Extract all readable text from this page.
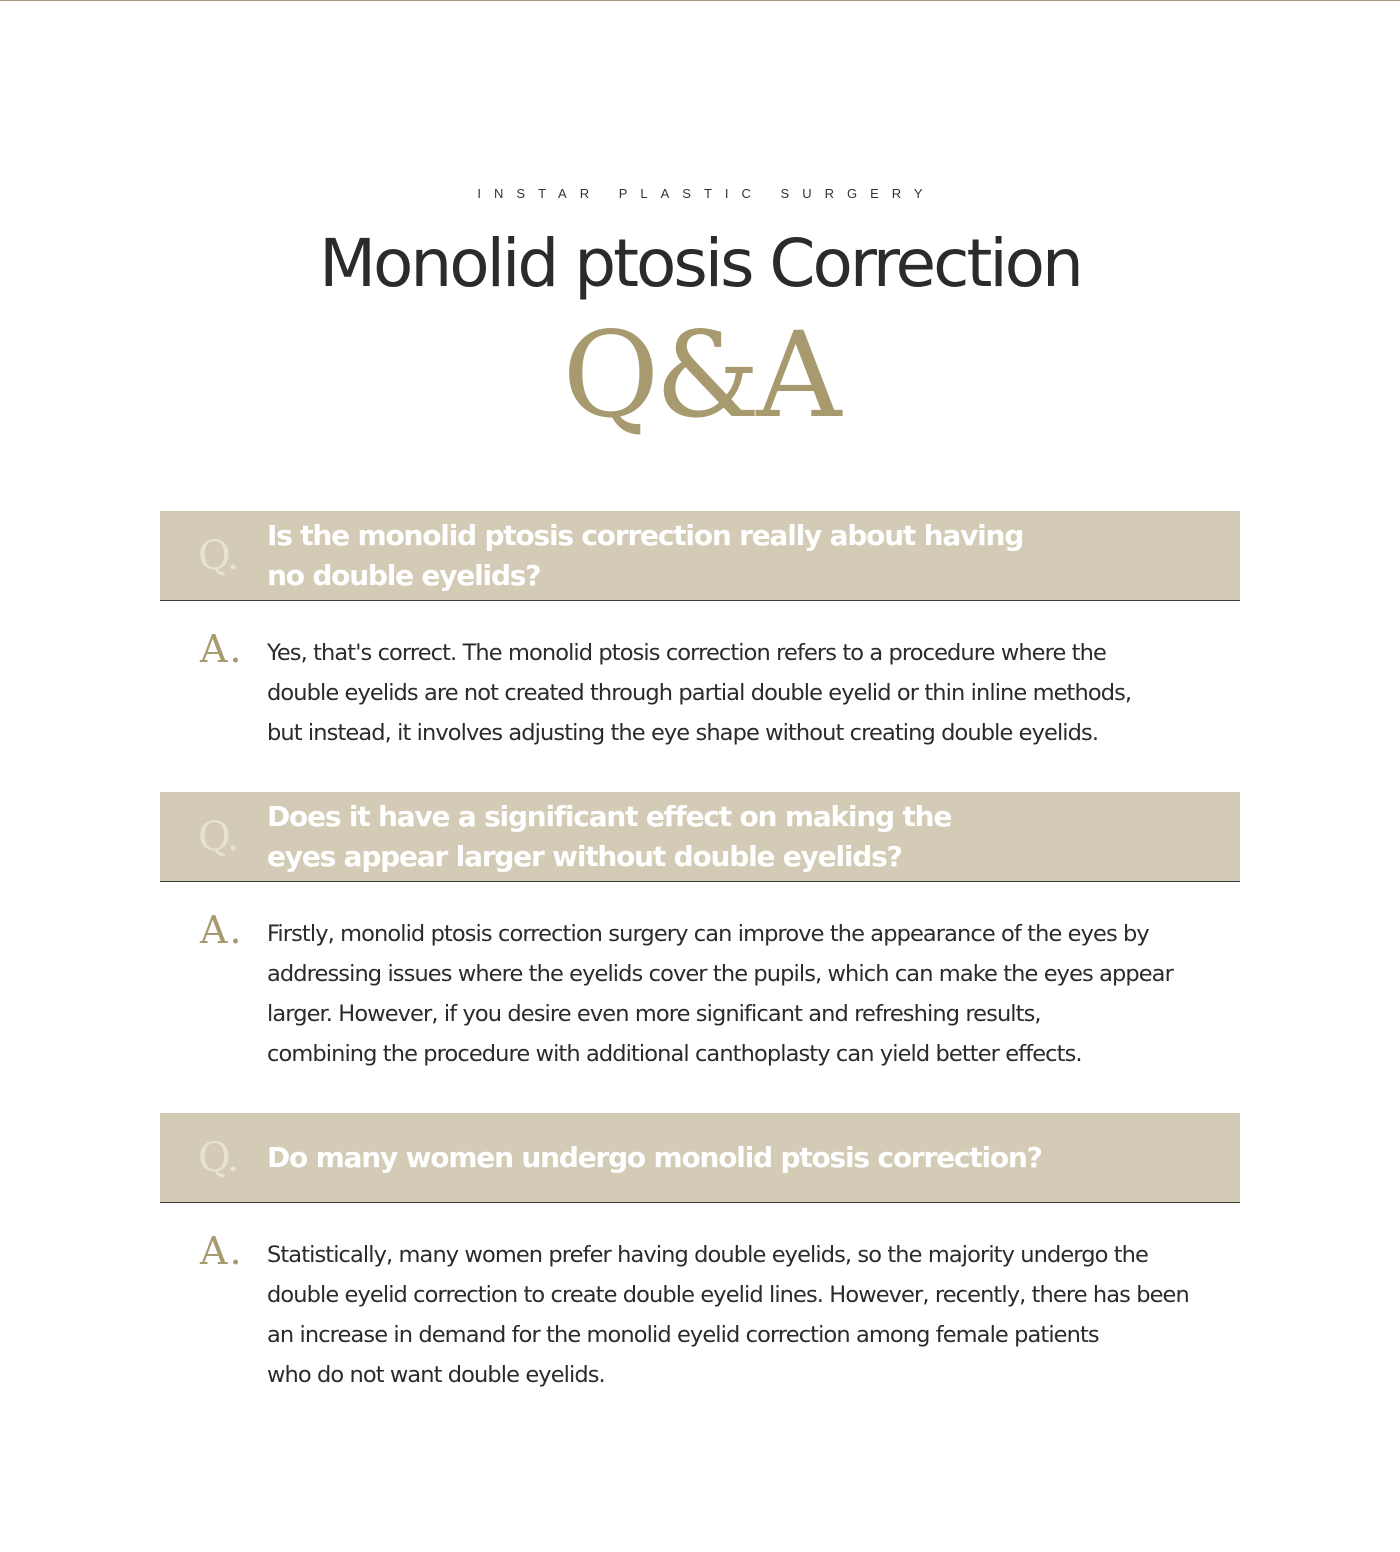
INSTAR PLASTIC SURGERY
Monolid ptosis Correction
Q&A
Q. Is the monolid ptosis correction really about having
no double eyelids?
A. Yes, that's correct. The monolid ptosis correction refers to a procedure where the
double eyelids are not created through partial double eyelid or thin inline methods,
but instead, it involves adjusting the eye shape without creating double eyelids.
Q. Does it have a significant effect on making the
eyes appear larger without double eyelids?
A. Firstly, monolid ptosis correction surgery can improve the appearance of the eyes by
addressing issues where the eyelids cover the pupils, which can make the eyes appear
larger. However, if you desire even more significant and refreshing results,
combining the procedure with additional canthoplasty can yield better effects.
Q. Do many women undergo monolid ptosis correction?
A. Statistically, many women prefer having double eyelids, so the majority undergo the
double eyelid correction to create double eyelid lines. However, recently, there has been
an increase in demand for the monolid eyelid correction among female patients
who do not want double eyelids.
